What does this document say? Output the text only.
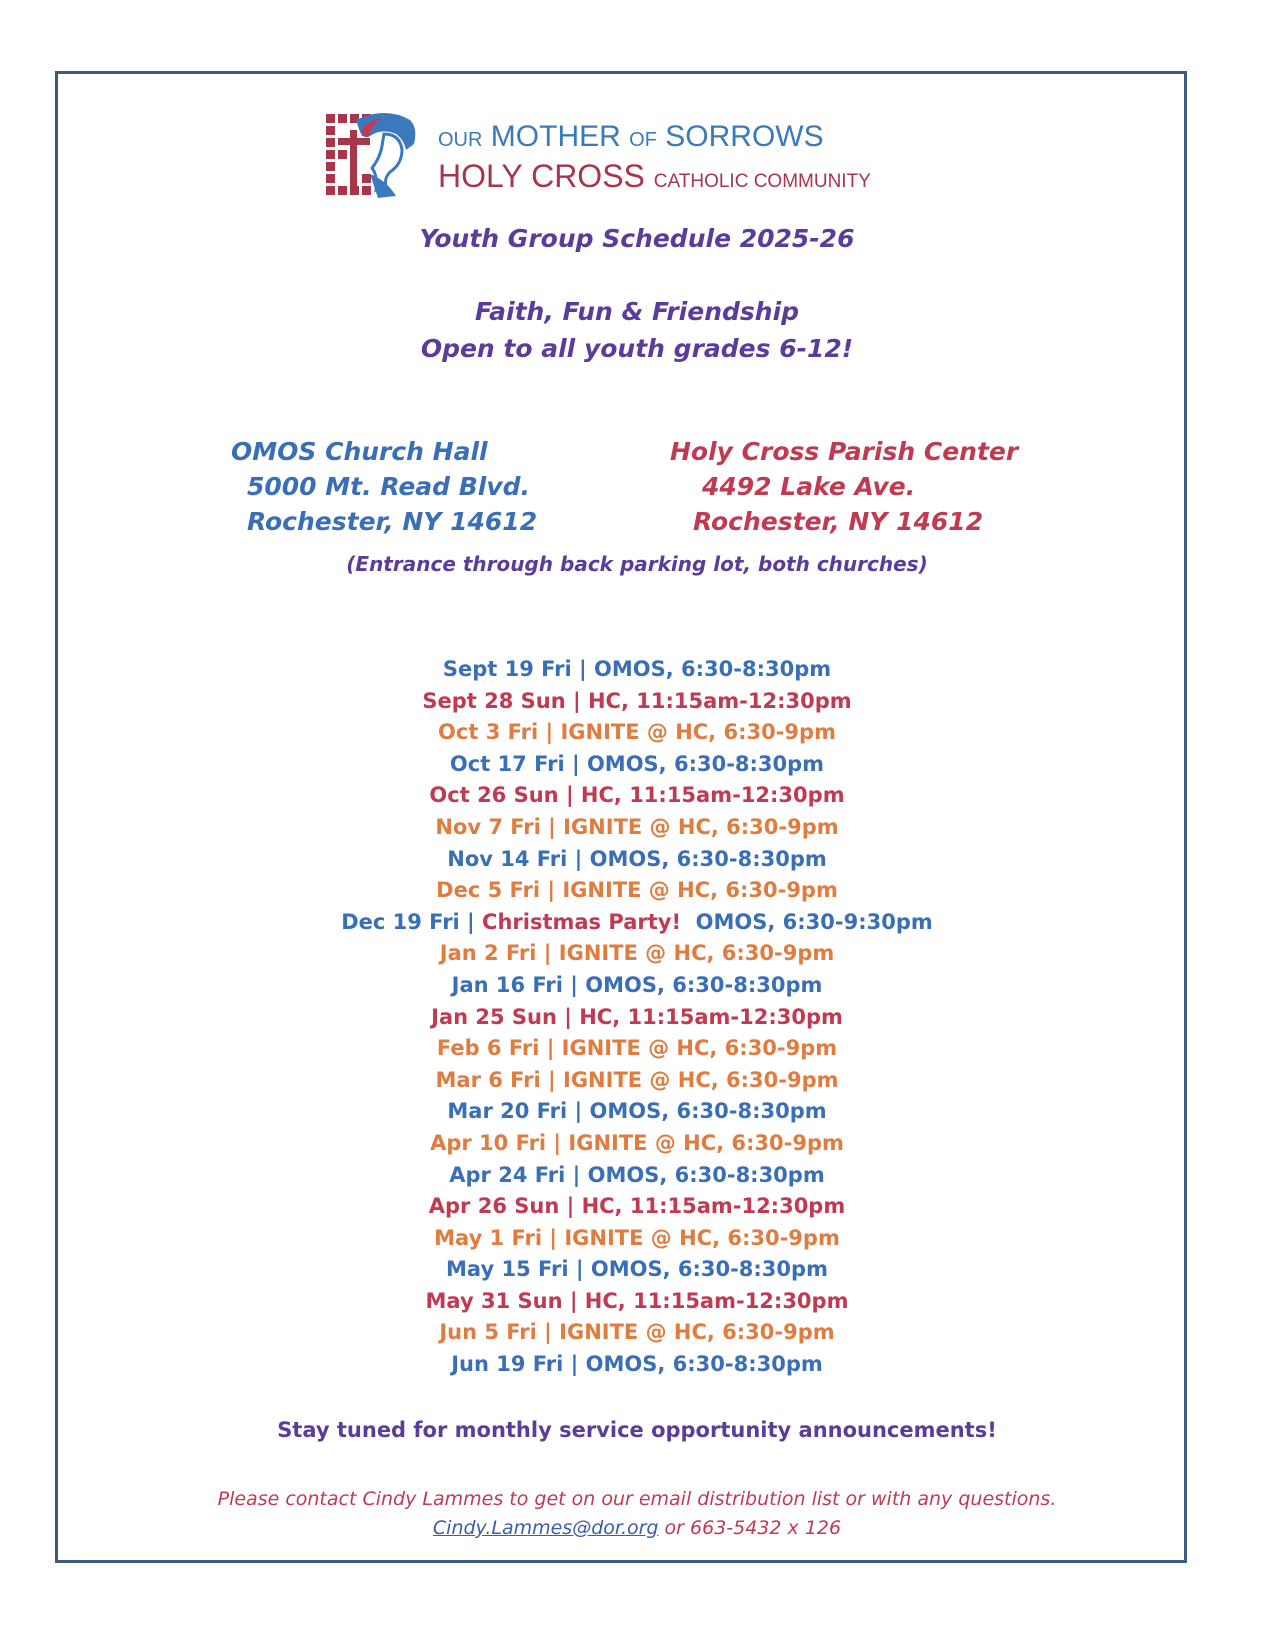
OUR MOTHER OF SORROWS
HOLY CROSS CATHOLIC COMMUNITY
Youth Group Schedule 2025-26
Faith, Fun & Friendship
Open to all youth grades 6-12!
OMOS Church Hall
5000 Mt. Read Blvd.
Rochester, NY 14612
Holy Cross Parish Center
4492 Lake Ave.
Rochester, NY 14612
(Entrance through back parking lot, both churches)
Sept 19 Fri | OMOS, 6:30-8:30pm
Sept 28 Sun | HC, 11:15am-12:30pm
Oct 3 Fri | IGNITE @ HC, 6:30-9pm
Oct 17 Fri | OMOS, 6:30-8:30pm
Oct 26 Sun | HC, 11:15am-12:30pm
Nov 7 Fri | IGNITE @ HC, 6:30-9pm
Nov 14 Fri | OMOS, 6:30-8:30pm
Dec 5 Fri | IGNITE @ HC, 6:30-9pm
Dec 19 Fri | Christmas Party!  OMOS, 6:30-9:30pm
Jan 2 Fri | IGNITE @ HC, 6:30-9pm
Jan 16 Fri | OMOS, 6:30-8:30pm
Jan 25 Sun | HC, 11:15am-12:30pm
Feb 6 Fri | IGNITE @ HC, 6:30-9pm
Mar 6 Fri | IGNITE @ HC, 6:30-9pm
Mar 20 Fri | OMOS, 6:30-8:30pm
Apr 10 Fri | IGNITE @ HC, 6:30-9pm
Apr 24 Fri | OMOS, 6:30-8:30pm
Apr 26 Sun | HC, 11:15am-12:30pm
May 1 Fri | IGNITE @ HC, 6:30-9pm
May 15 Fri | OMOS, 6:30-8:30pm
May 31 Sun | HC, 11:15am-12:30pm
Jun 5 Fri | IGNITE @ HC, 6:30-9pm
Jun 19 Fri | OMOS, 6:30-8:30pm
Stay tuned for monthly service opportunity announcements!
Please contact Cindy Lammes to get on our email distribution list or with any questions.
Cindy.Lammes@dor.org or 663-5432 x 126
